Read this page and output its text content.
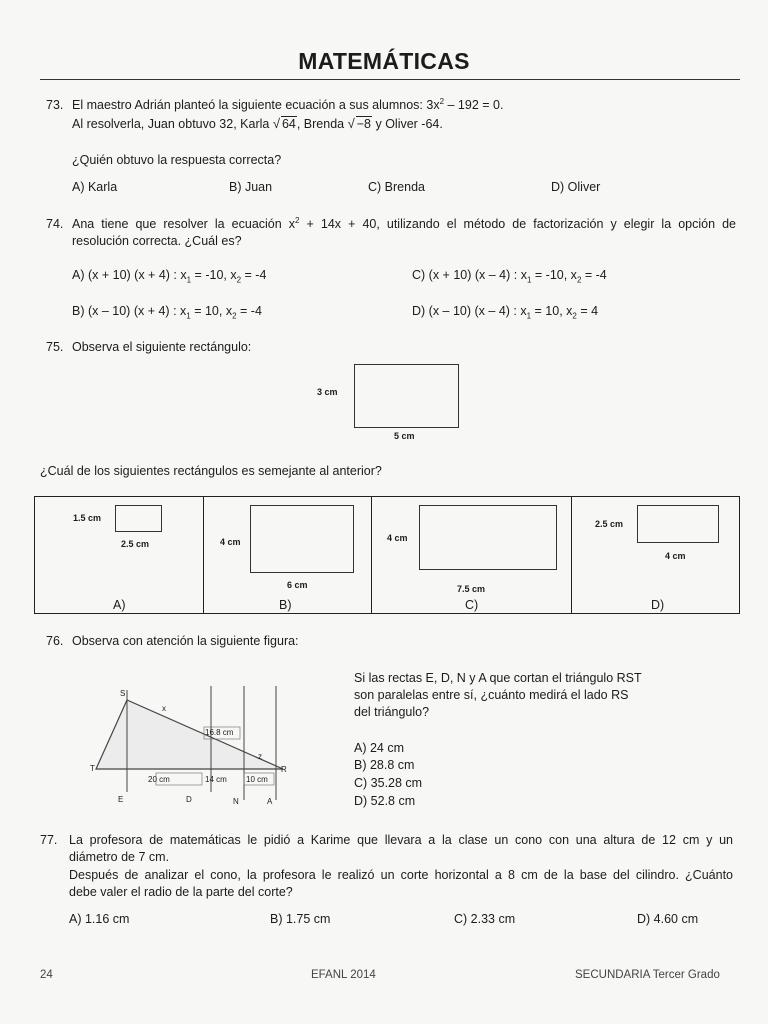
MATEMÁTICAS
73. El maestro Adrián planteó la siguiente ecuación a sus alumnos: $3x^2 - 192 = 0$.
Al resolverla, Juan obtuvo 32, Karla √ 64, Brenda √ −8 y Oliver -64.
¿Quién obtuvo la respuesta correcta?
A) Karla	B) Juan	C) Brenda	D) Oliver
74. Ana tiene que resolver la ecuación $x^2 + 14x + 40$, utilizando el método de factorización y elegir la opción de
resolución correcta. ¿Cuál es?
A) (x + 10) (x + 4) : $x_1 = -10$, $x_2 = -4$	C) (x + 10) (x – 4) : $x_1 = -10$, $x_2 = -4$
B) (x – 10) (x + 4) : $x_1 = 10$, $x_2 = -4$	D) (x – 10) (x – 4) : $x_1 = 10$, $x_2 = 4$
75. Observa el siguiente rectángulo:
3 cm
5 cm
¿Cuál de los siguientes rectángulos es semejante al anterior?
1.5 cm
2.5 cm
A)
4 cm
6 cm
B)
4 cm
7.5 cm
C)
2.5 cm
4 cm
D)
76. Observa con atención la siguiente figura:
S
T	R
x
z
16.8 cm
20 cm	14 cm 10 cm
E	D	N	A
Si las rectas E, D, N y A que cortan el triángulo RST
son paralelas entre sí, ¿cuánto medirá el lado RS
del triángulo?
A) 24 cm
B) 28.8 cm
C) 35.28 cm
D) 52.8 cm
77. La profesora de matemáticas le pidió a Karime que llevara a la clase un cono con una altura de 12 cm y un
diámetro de 7 cm.
Después de analizar el cono, la profesora le realizó un corte horizontal a 8 cm de la base del cilindro. ¿Cuánto
debe valer el radio de la parte del corte?
A) 1.16 cm	B) 1.75 cm	C) 2.33 cm	D) 4.60 cm
24	EFANL 2014	SECUNDARIA Tercer Grado
